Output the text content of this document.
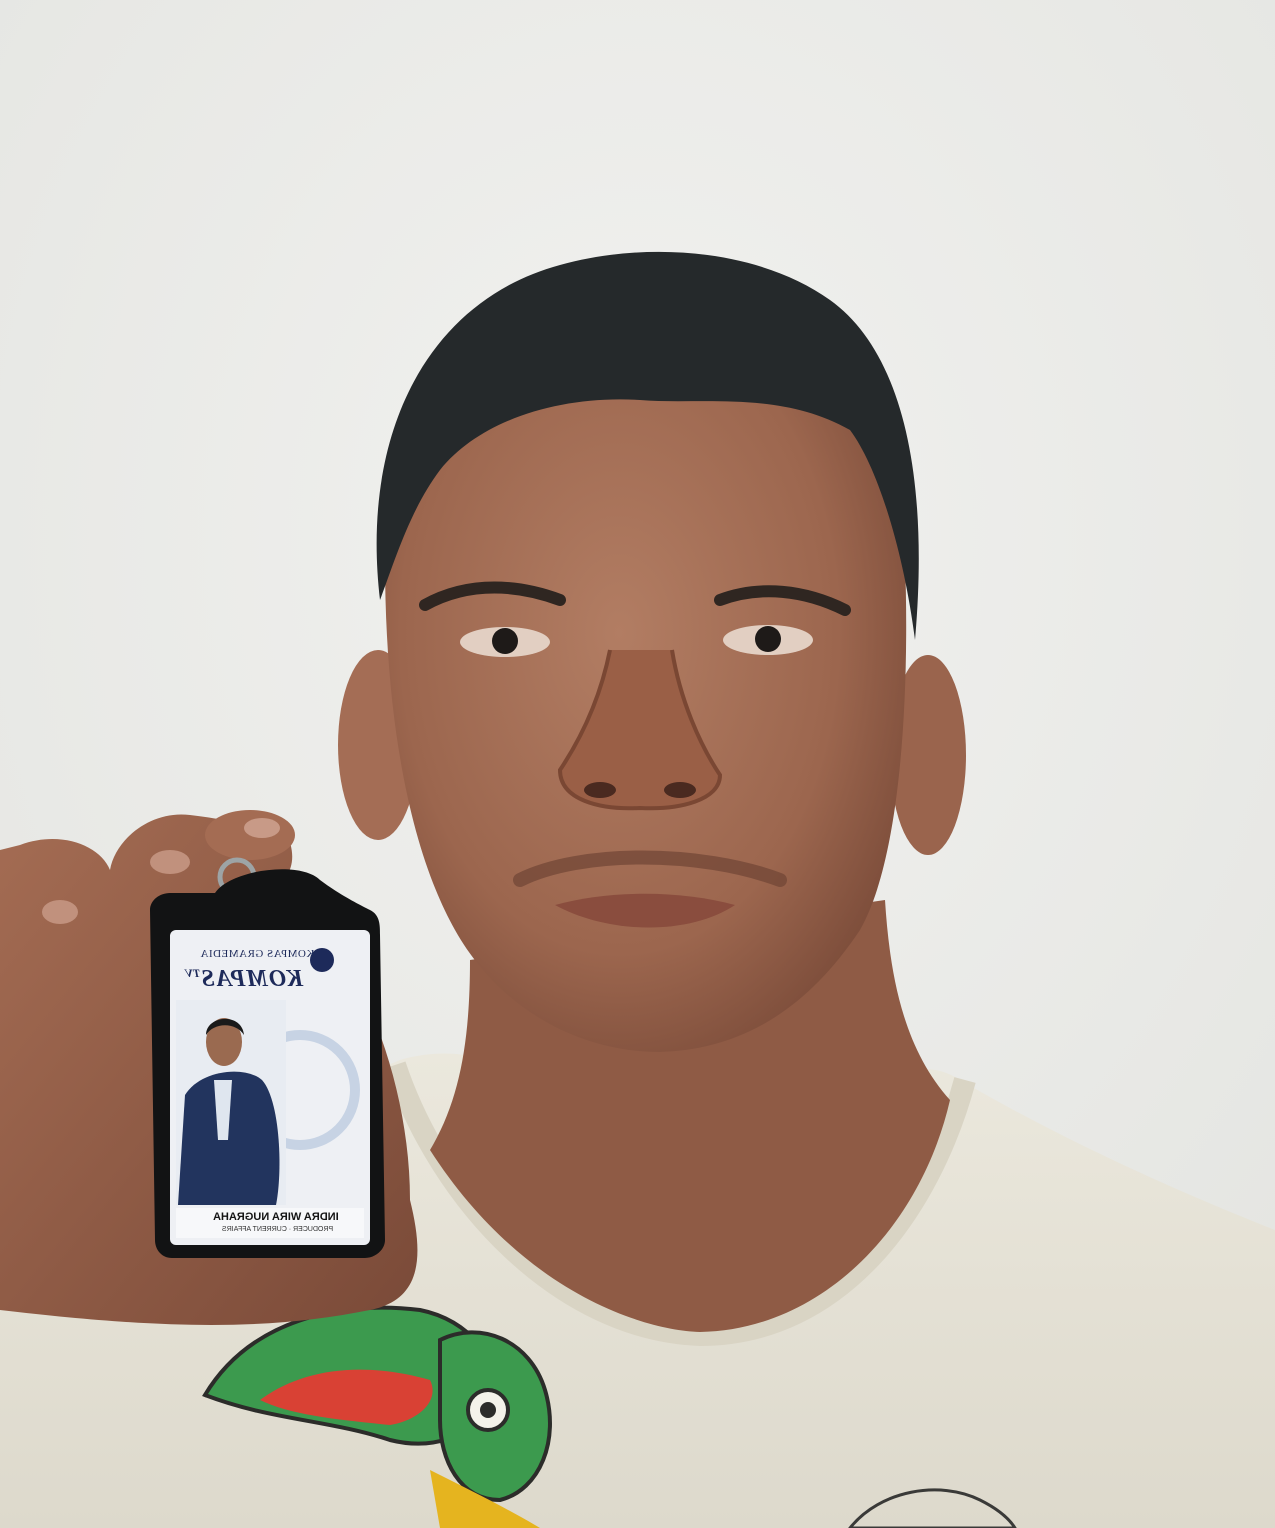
KOMPAS GRAMEDIA
$KOMPAS^{TV}$
INDRA WIRA NUGRAHA
PRODUCER · CURRENT AFFAIRS
